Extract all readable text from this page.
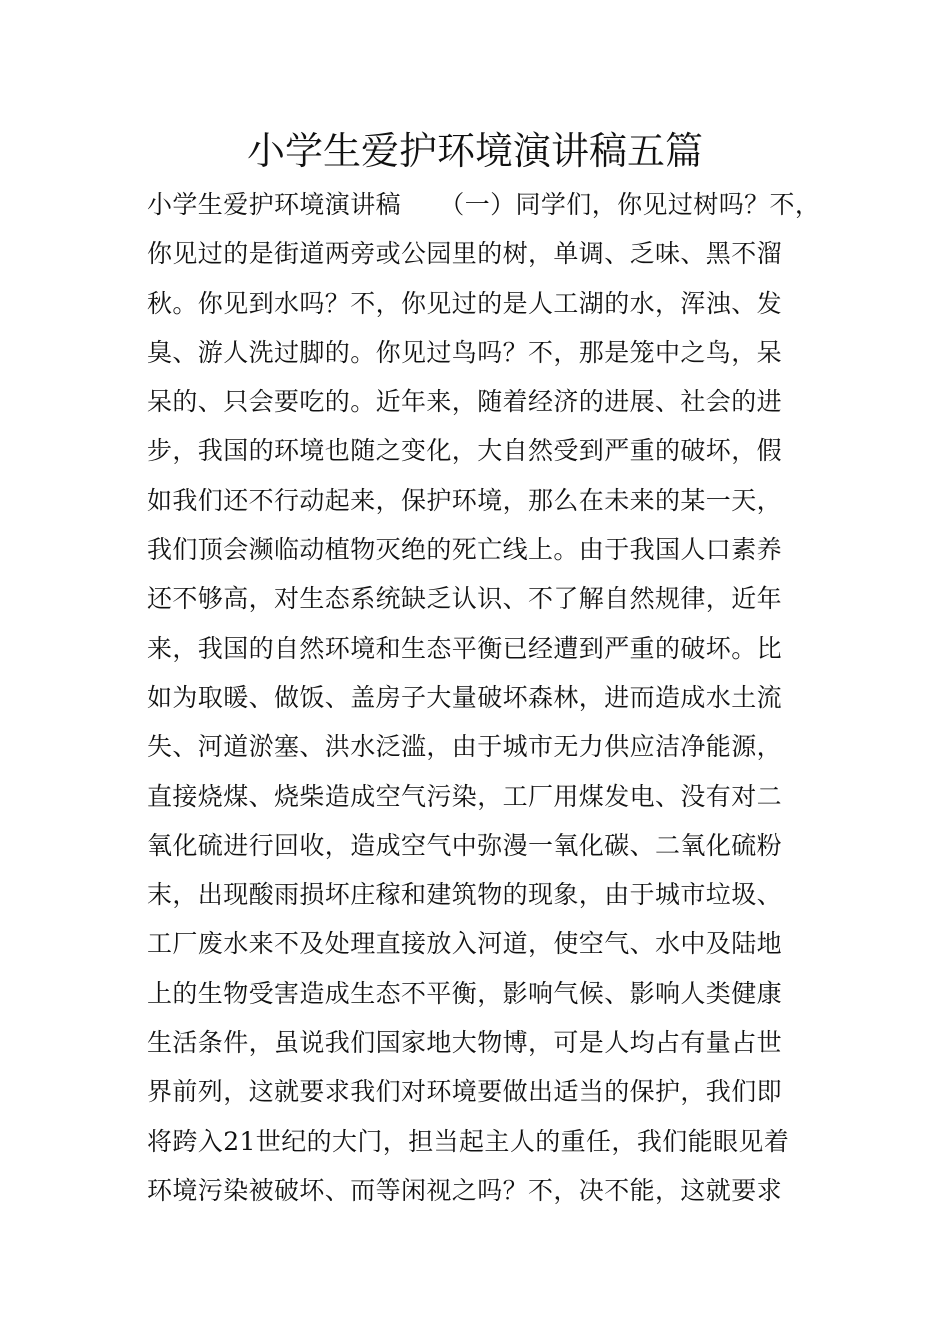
小学生爱护环境演讲稿五篇
小学生爱护环境演讲稿　　（一）同学们，你见过树吗？不，
你见过的是街道两旁或公园里的树，单调、乏味、黑不溜
秋。你见到水吗？不，你见过的是人工湖的水，浑浊、发
臭、游人洗过脚的。你见过鸟吗？不，那是笼中之鸟，呆
呆的、只会要吃的。近年来，随着经济的进展、社会的进
步，我国的环境也随之变化，大自然受到严重的破坏，假
如我们还不行动起来，保护环境，那么在未来的某一天，
我们顶会濒临动植物灭绝的死亡线上。由于我国人口素养
还不够高，对生态系统缺乏认识、不了解自然规律，近年
来，我国的自然环境和生态平衡已经遭到严重的破坏。比
如为取暖、做饭、盖房子大量破坏森林，进而造成水土流
失、河道淤塞、洪水泛滥，由于城市无力供应洁净能源，
直接烧煤、烧柴造成空气污染，工厂用煤发电、没有对二
氧化硫进行回收，造成空气中弥漫一氧化碳、二氧化硫粉
末，出现酸雨损坏庄稼和建筑物的现象，由于城市垃圾、
工厂废水来不及处理直接放入河道，使空气、水中及陆地
上的生物受害造成生态不平衡，影响气候、影响人类健康
生活条件，虽说我们国家地大物博，可是人均占有量占世
界前列，这就要求我们对环境要做出适当的保护，我们即
将跨入21世纪的大门，担当起主人的重任，我们能眼见着
环境污染被破坏、而等闲视之吗？不，决不能，这就要求
